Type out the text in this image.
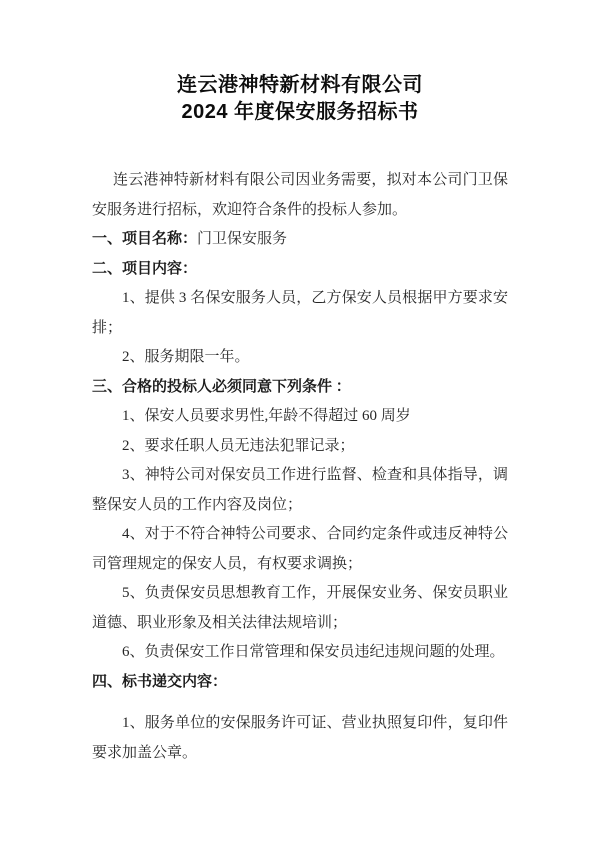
连云港神特新材料有限公司
2024 年度保安服务招标书

连云港神特新材料有限公司因业务需要，拟对本公司门卫保安服务进行招标，欢迎符合条件的投标人参加。

一、项目名称：门卫保安服务

二、项目内容：

1、提供 3 名保安服务人员，乙方保安人员根据甲方要求安排；

2、服务期限一年。

三、合格的投标人必须同意下列条件 ：

1、保安人员要求男性,年龄不得超过 60 周岁

2、要求任职人员无违法犯罪记录；

3、神特公司对保安员工作进行监督、检查和具体指导，调整保安人员的工作内容及岗位；

4、对于不符合神特公司要求、合同约定条件或违反神特公司管理规定的保安人员，有权要求调换；

5、负责保安员思想教育工作，开展保安业务、保安员职业道德、职业形象及相关法律法规培训；

6、负责保安工作日常管理和保安员违纪违规问题的处理。

四、标书递交内容：

1、服务单位的安保服务许可证、营业执照复印件，复印件要求加盖公章。
